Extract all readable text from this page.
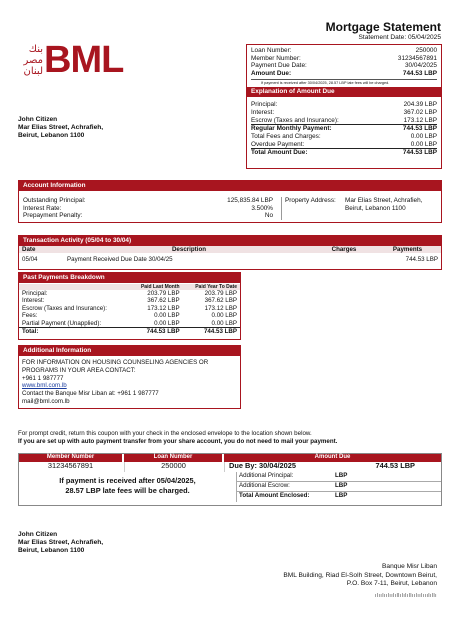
بنك مصر لبنان BML
Mortgage Statement
Statement Date: 05/04/2025
Loan Number:	250000
Member Number:	31234567891
Payment Due Date:	30/04/2025
Amount Due:	744.53 LBP
If payment is received after 30/04/2025, 28.57 LBP late fees will be charged.
Explanation of Amount Due
Principal:	204.39 LBP
Interest:	367.02 LBP
Escrow (Taxes and Insurance):	173.12 LBP
Regular Monthly Payment:	744.53 LBP
Total Fees and Charges:	0.00 LBP
Overdue Payment:	0.00 LBP
Total Amount Due:	744.53 LBP
John Citizen
Mar Elias Street, Achrafieh,
Beirut, Lebanon 1100
Account Information
Outstanding Principal:	125,835.84 LBP
Interest Rate:	3.500%
Prepayment Penalty:	No
Property Address:	Mar Elias Street, Achrafieh,
Beirut, Lebanon 1100
Transaction Activity (05/04 to 30/04)
Date	Description	Charges	Payments

05/04	Payment Received Due Date 30/04/25		744.53 LBP
Past Payments Breakdown
	Paid Last Month	Paid Year To Date
Principal:	203.79 LBP	203.79 LBP
Interest:	367.62 LBP	367.62 LBP
Escrow (Taxes and Insurance):	173.12 LBP	173.12 LBP
Fees:	0.00 LBP	0.00 LBP
Partial Payment (Unapplied):	0.00 LBP	0.00 LBP
Total:	744.53 LBP	744.53 LBP
Additional Information
FOR INFORMATION ON HOUSING COUNSELING AGENCIES OR
PROGRAMS IN YOUR AREA CONTACT:
+961 1 987777
www.bml.com.lb
Contact the Banque Misr Liban at: +961 1 987777
mail@bml.com.lb
For prompt credit, return this coupon with your check in the enclosed envelope to the location shown below.
If you are set up with auto payment transfer from your share account, you do not need to mail your payment.
Member Number	Loan Number	Amount Due
31234567891	250000	Due By: 30/04/2025	744.53 LBP
If payment is received after 05/04/2025,
28.57 LBP late fees will be charged.
Additional Principal:	LBP
Additional Escrow:	LBP
Total Amount Enclosed:	LBP
John Citizen
Mar Elias Street, Achrafieh,
Beirut, Lebanon 1100
Banque Misr Liban
BML Building, Riad El-Solh Street, Downtown Beirut,
P.O. Box 7-11, Beirut, Lebanon
ılıılıılıılıllılılıllıılıılııılıllı
